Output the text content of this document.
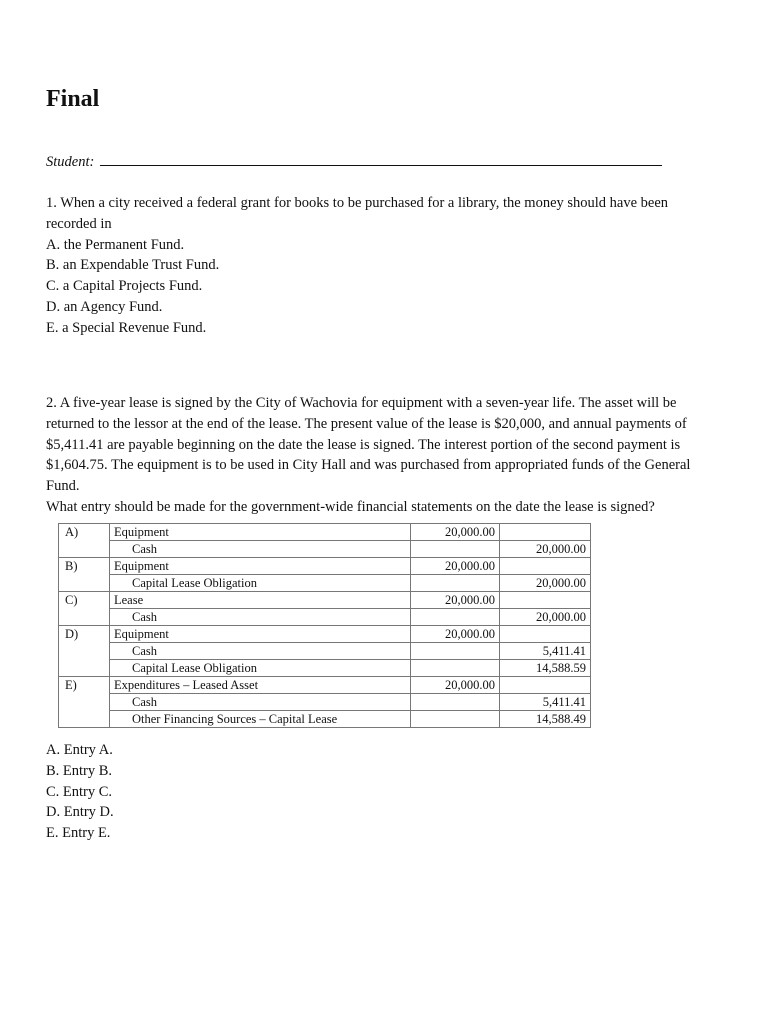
Final
Student:

1. When a city received a federal grant for books to be purchased for a library, the money should have been recorded in

A. the Permanent Fund.
B. an Expendable Trust Fund.
C. a Capital Projects Fund.
D. an Agency Fund.
E. a Special Revenue Fund.

2. A five-year lease is signed by the City of Wachovia for equipment with a seven-year life. The asset will be returned to the lessor at the end of the lease. The present value of the lease is $20,000, and annual payments of $5,411.41 are payable beginning on the date the lease is signed. The interest portion of the second payment is $1,604.75. The equipment is to be used in City Hall and was purchased from appropriated funds of the General Fund.

What entry should be made for the government-wide financial statements on the date the lease is signed?

A)	Equipment	20,000.00	
	Cash		20,000.00
B)	Equipment	20,000.00	
	Capital Lease Obligation		20,000.00
C)	Lease	20,000.00	
	Cash		20,000.00
D)	Equipment	20,000.00	
	Cash		5,411.41
	Capital Lease Obligation		14,588.59
E)	Expenditures – Leased Asset	20,000.00	
	Cash		5,411.41
	Other Financing Sources – Capital Lease		14,588.49
A. Entry A.
B. Entry B.
C. Entry C.
D. Entry D.
E. Entry E.
